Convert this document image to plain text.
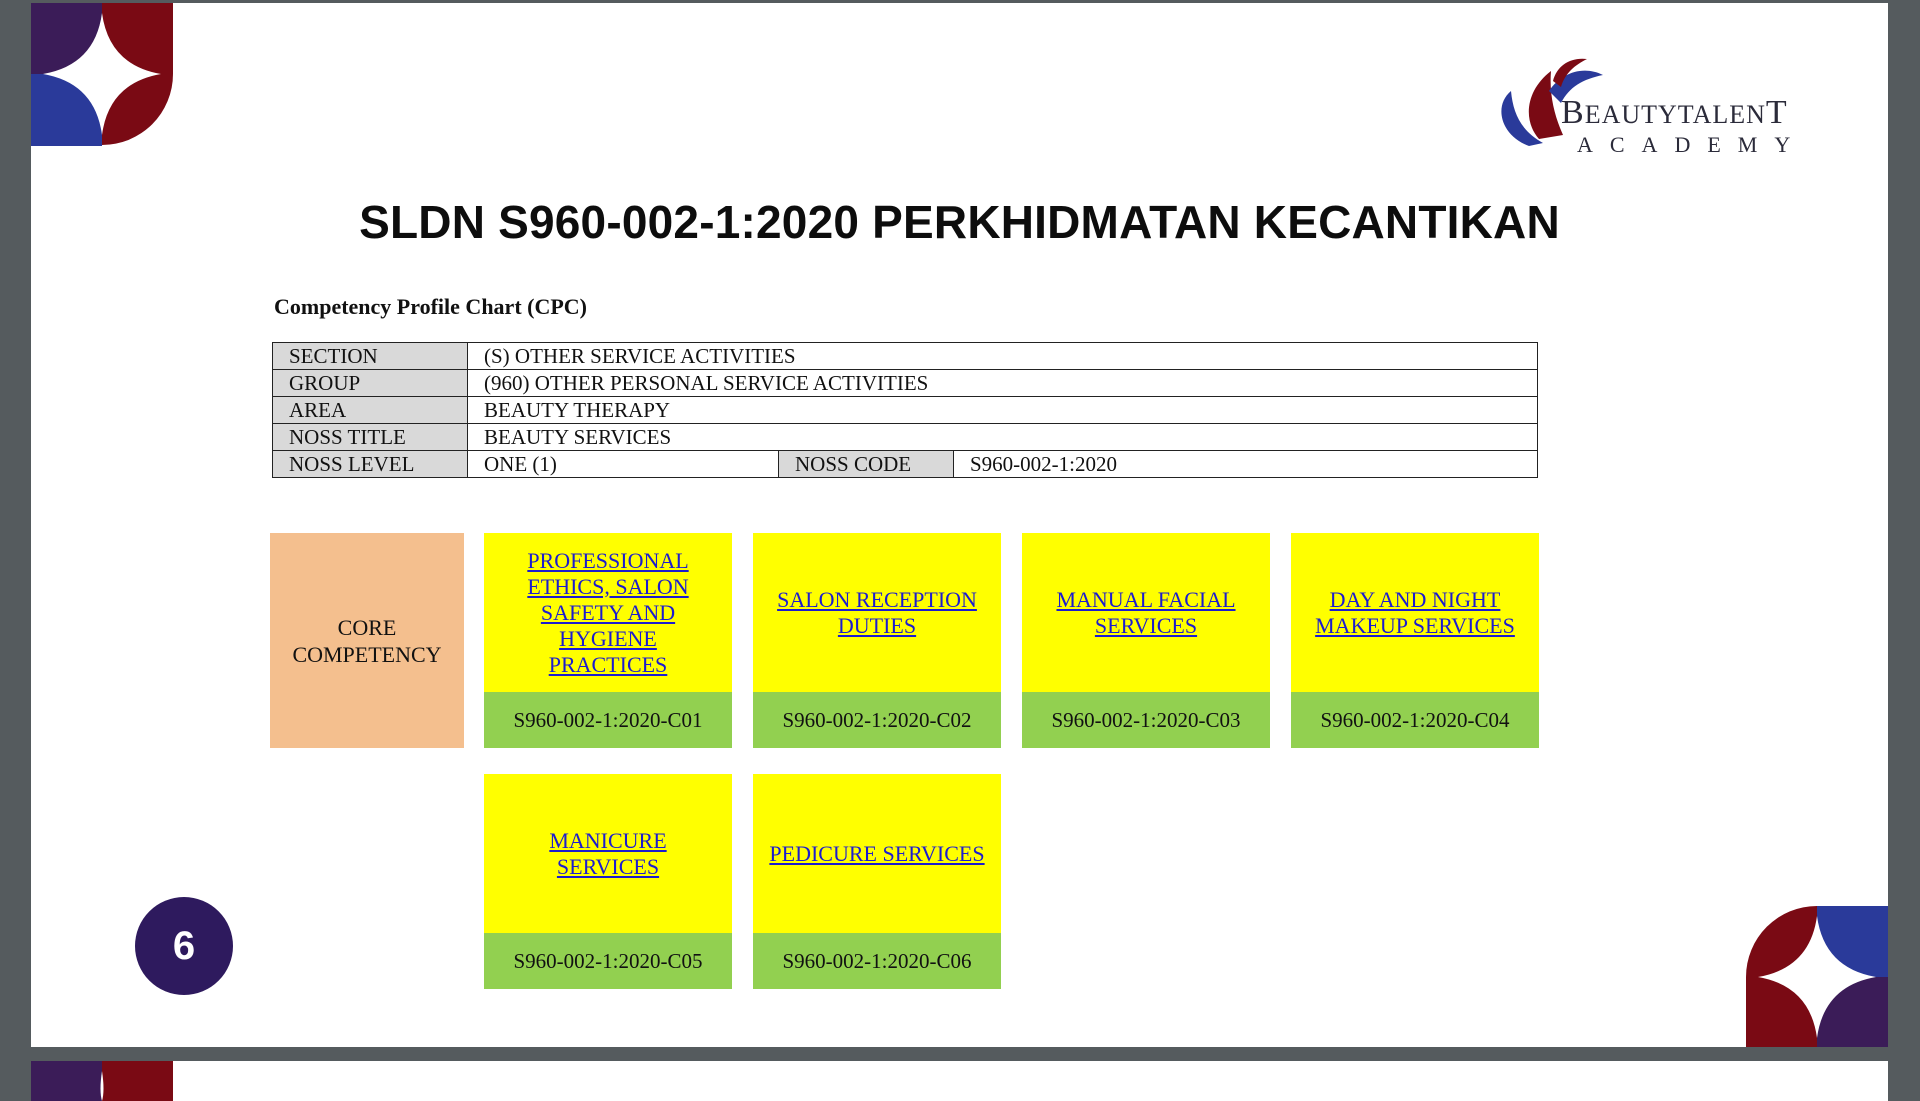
BEAUTYTALENT
ACADEMY
SLDN S960-002-1:2020 PERKHIDMATAN KECANTIKAN
Competency Profile Chart (CPC)
SECTION	(S) OTHER SERVICE ACTIVITIES		
GROUP	(960) OTHER PERSONAL SERVICE ACTIVITIES		
AREA	BEAUTY THERAPY		
NOSS TITLE	BEAUTY SERVICES		
NOSS LEVEL	ONE (1)	NOSS CODE	S960-002-1:2020
CORE COMPETENCY
PROFESSIONAL ETHICS, SALON SAFETY AND HYGIENE PRACTICES
S960-002-1:2020-C01
SALON RECEPTION DUTIES
S960-002-1:2020-C02
MANUAL FACIAL SERVICES
S960-002-1:2020-C03
DAY AND NIGHT MAKEUP SERVICES
S960-002-1:2020-C04
MANICURE SERVICES
S960-002-1:2020-C05
PEDICURE SERVICES
S960-002-1:2020-C06
6
